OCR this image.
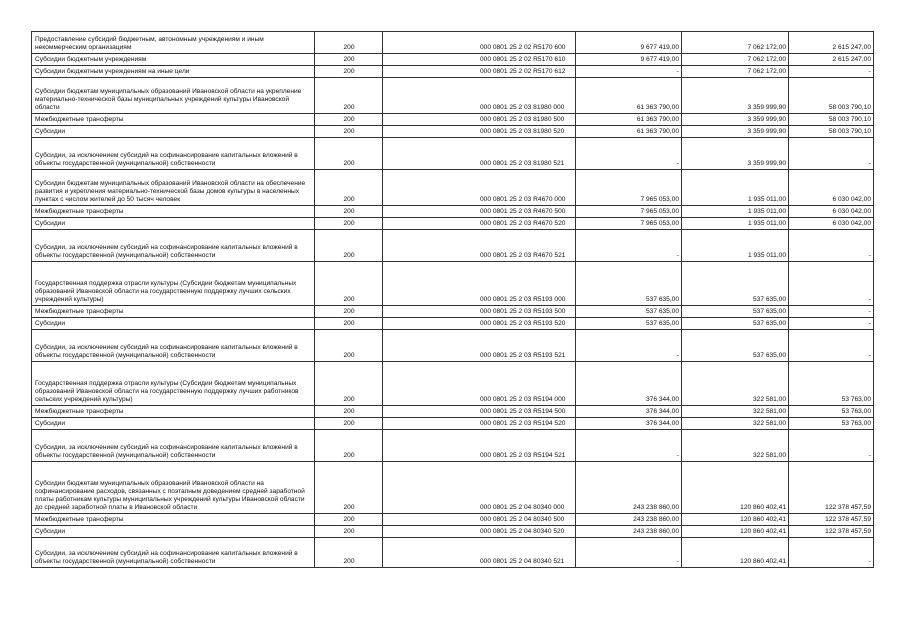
Предоставление субсидий бюджетным, автономным учреждениям и иным некоммерческим организациям	200	000 0801 25 2 02 R5170 600	9 677 419,00	7 062 172,00	2 615 247,00
Субсидии бюджетным учреждениям	200	000 0801 25 2 02 R5170 610	9 677 419,00	7 062 172,00	2 615 247,00
Субсидии бюджетным учреждениям на иные цели	200	000 0801 25 2 02 R5170 612	-	7 062 172,00	-
Субсидии бюджетам муниципальных образований Ивановской области на укрепление материально-технической базы муниципальных учреждений культуры Ивановской области	200	000 0801 25 2 03 81980 000	61 363 790,00	3 359 999,90	58 003 790,10
Межбюджетные трансферты	200	000 0801 25 2 03 81980 500	61 363 790,00	3 359 999,90	58 003 790,10
Субсидии	200	000 0801 25 2 03 81980 520	61 363 790,00	3 359 999,90	58 003 790,10
Субсидии, за исключением субсидий на софинансирование капитальных вложений в объекты государственной (муниципальной) собственности	200	000 0801 25 2 03 81980 521	-	3 359 999,90	-
Субсидии бюджетам муниципальных образований Ивановской области на обеспечение развития и укрепления материально-технической базы домов культуры в населенных пунктах с числом жителей до 50 тысяч человек	200	000 0801 25 2 03 R4670 000	7 965 053,00	1 935 011,00	6 030 042,00
Межбюджетные трансферты	200	000 0801 25 2 03 R4670 500	7 965 053,00	1 935 011,00	6 030 042,00
Субсидии	200	000 0801 25 2 03 R4670 520	7 965 053,00	1 935 011,00	6 030 042,00
Субсидии, за исключением субсидий на софинансирование капитальных вложений в объекты государственной (муниципальной) собственности	200	000 0801 25 2 03 R4670 521	-	1 935 011,00	-
Государственная поддержка отрасли культуры (Субсидии бюджетам муниципальных образований Ивановской области на государственную поддержку лучших сельских учреждений культуры)	200	000 0801 25 2 03 R5193 000	537 635,00	537 635,00	-
Межбюджетные трансферты	200	000 0801 25 2 03 R5193 500	537 635,00	537 635,00	-
Субсидии	200	000 0801 25 2 03 R5193 520	537 635,00	537 635,00	-
Субсидии, за исключением субсидий на софинансирование капитальных вложений в объекты государственной (муниципальной) собственности	200	000 0801 25 2 03 R5193 521	-	537 635,00	-
Государственная поддержка отрасли культуры (Субсидии бюджетам муниципальных образований Ивановской области на государственную поддержку лучших работников сельских учреждений культуры)	200	000 0801 25 2 03 R5194 000	376 344,00	322 581,00	53 763,00
Межбюджетные трансферты	200	000 0801 25 2 03 R5194 500	376 344,00	322 581,00	53 763,00
Субсидии	200	000 0801 25 2 03 R5194 520	376 344,00	322 581,00	53 763,00
Субсидии, за исключением субсидий на софинансирование капитальных вложений в объекты государственной (муниципальной) собственности	200	000 0801 25 2 03 R5194 521	-	322 581,00	-
Субсидии бюджетам муниципальных образований Ивановской области на софинансирование расходов, связанных с поэтапным доведением средней заработной платы работникам культуры муниципальных учреждений культуры Ивановской области до средней заработной платы в Ивановской области	200	000 0801 25 2 04 80340 000	243 238 860,00	120 860 402,41	122 378 457,59
Межбюджетные трансферты	200	000 0801 25 2 04 80340 500	243 238 860,00	120 860 402,41	122 378 457,59
Субсидии	200	000 0801 25 2 04 80340 520	243 238 860,00	120 860 402,41	122 378 457,59
Субсидии, за исключением субсидий на софинансирование капитальных вложений в объекты государственной (муниципальной) собственности	200	000 0801 25 2 04 80340 521	-	120 860 402,41	-
